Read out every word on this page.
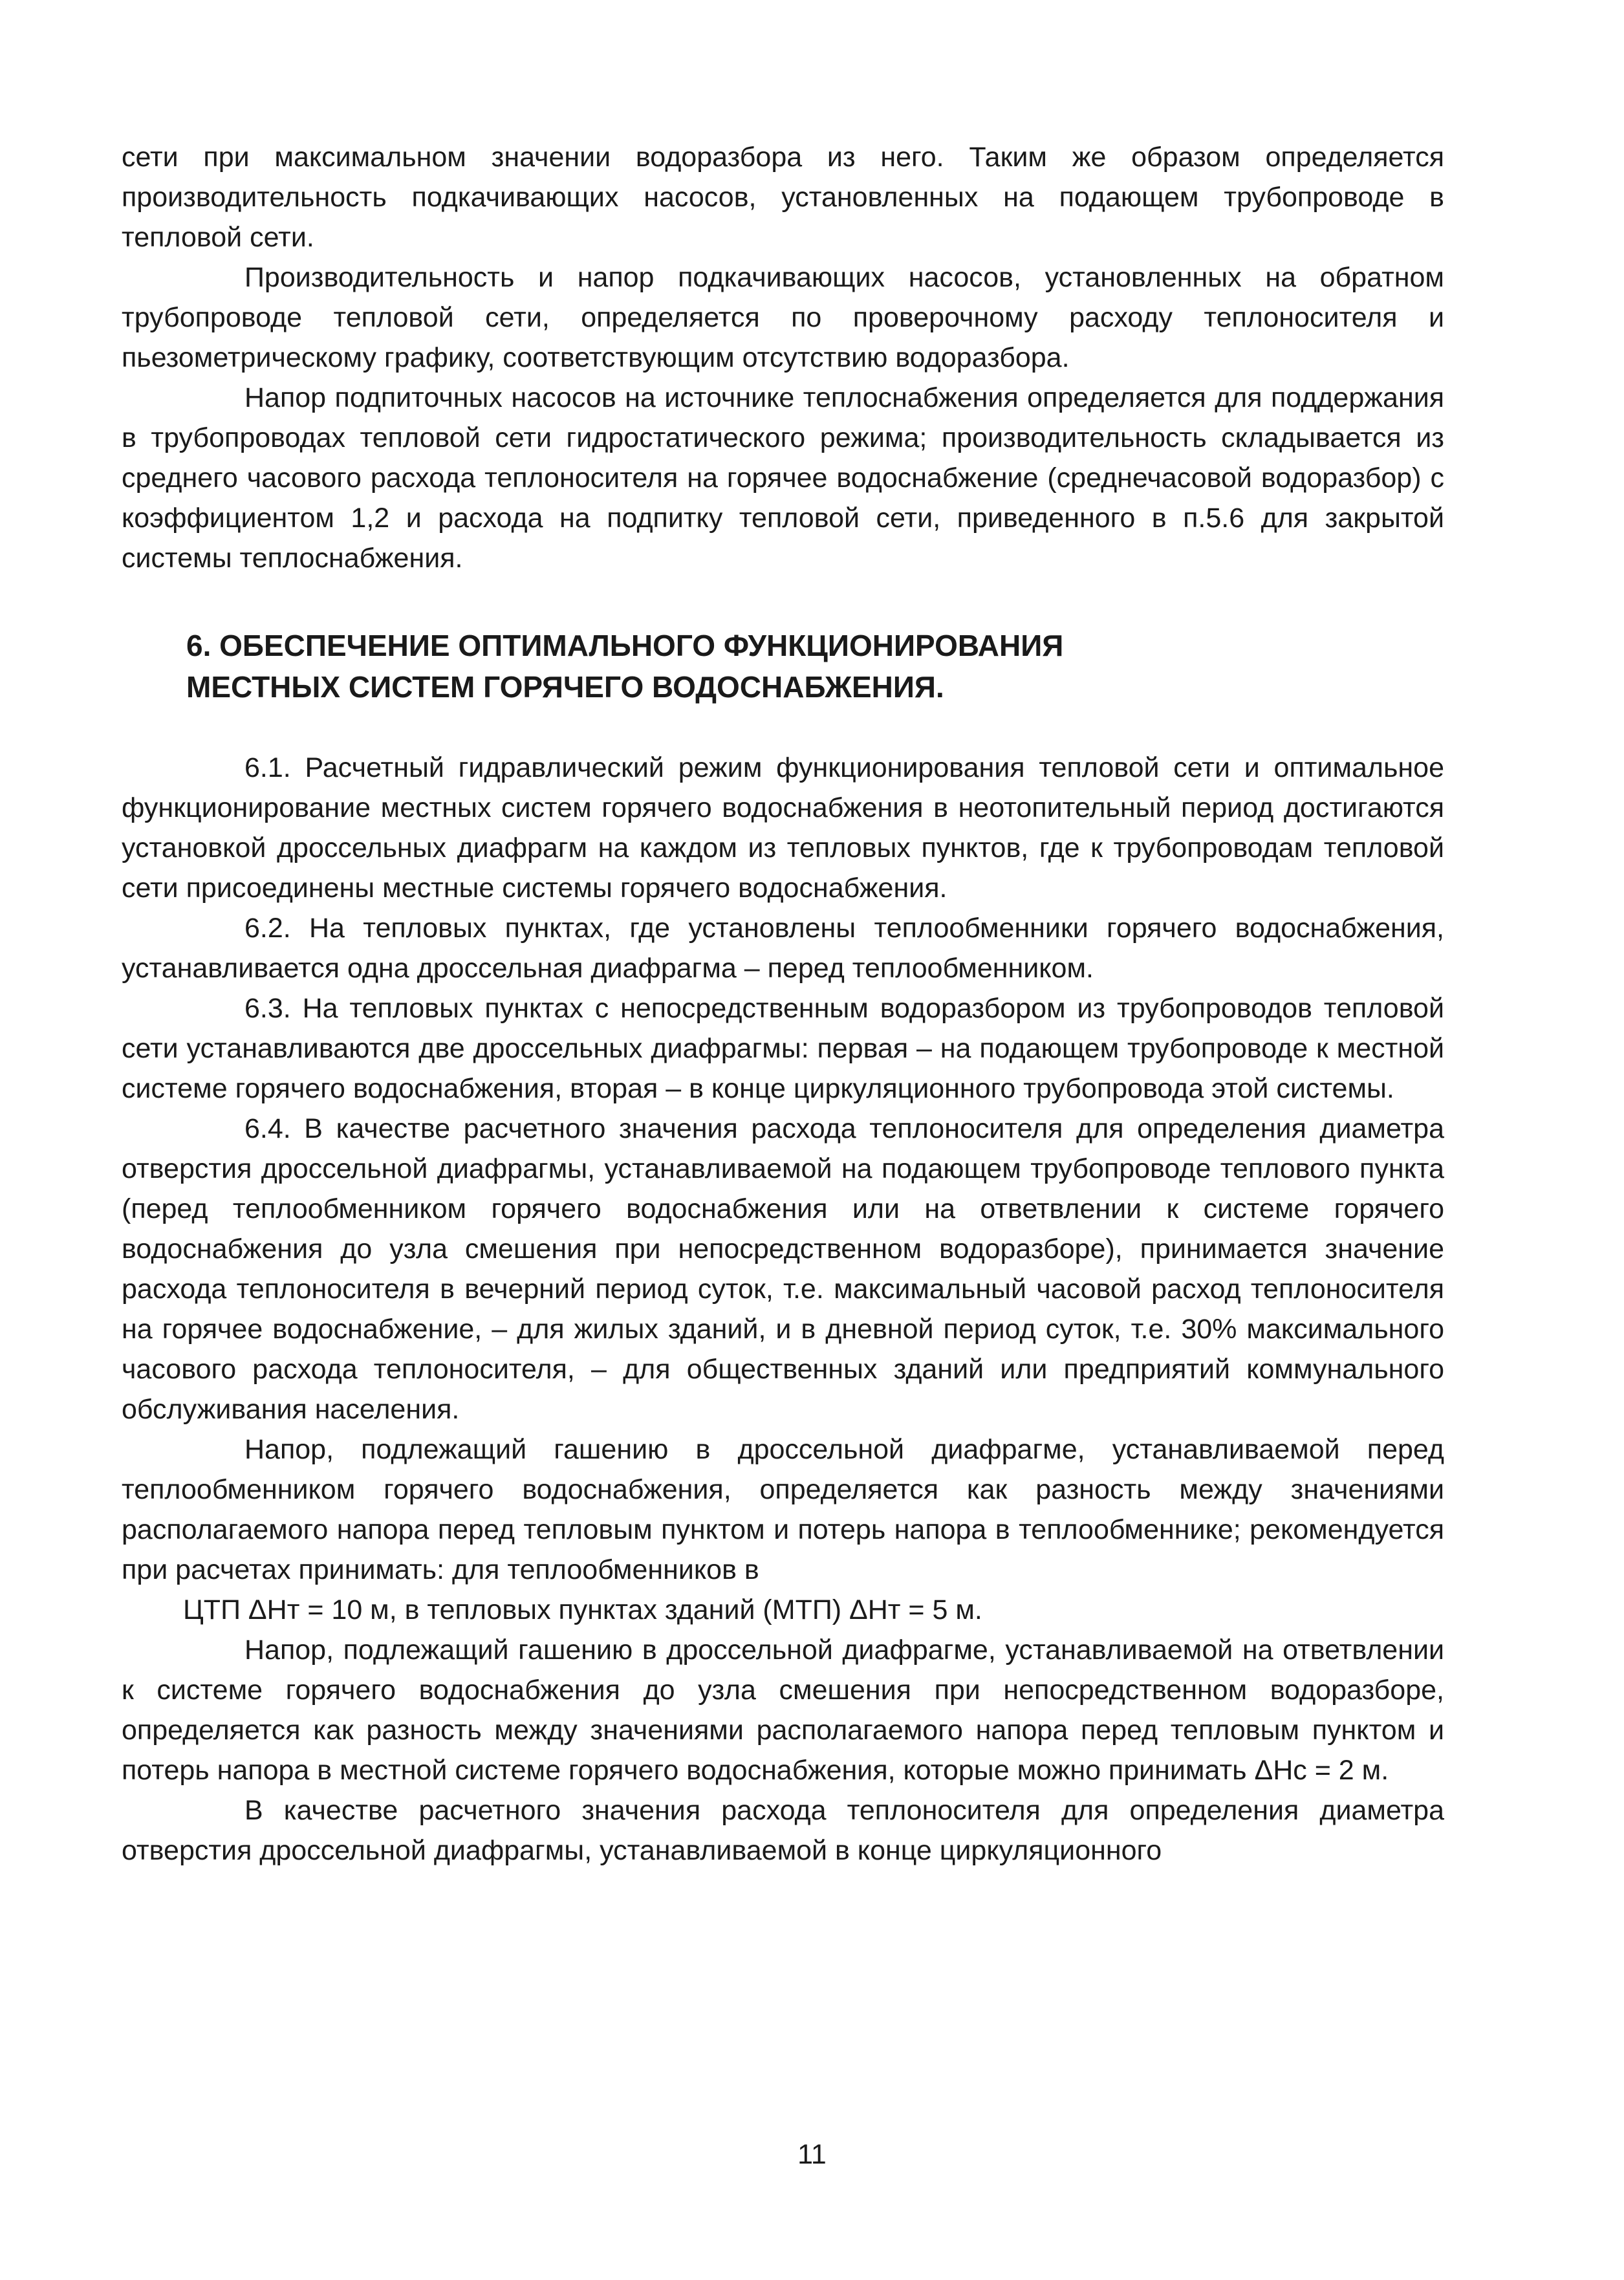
сети при максимальном значении водоразбора из него. Таким же образом определяется производительность подкачивающих насосов, установленных на подающем трубопроводе в тепловой сети.

Производительность и напор подкачивающих насосов, установленных на обратном трубопроводе тепловой сети, определяется по проверочному расходу теплоносителя и пьезометрическому графику, соответствующим отсутствию водоразбора.

Напор подпиточных насосов на источнике теплоснабжения определяется для поддержания в трубопроводах тепловой сети гидростатического режима; производительность складывается из среднего часового расхода теплоносителя на горячее водоснабжение (среднечасовой водоразбор) с коэффициентом 1,2 и расхода на подпитку тепловой сети, приведенного в п.5.6 для закрытой системы теплоснабжения.

6. ОБЕСПЕЧЕНИЕ ОПТИМАЛЬНОГО ФУНКЦИОНИРОВАНИЯ
МЕСТНЫХ СИСТЕМ ГОРЯЧЕГО ВОДОСНАБЖЕНИЯ.

6.1. Расчетный гидравлический режим функционирования тепловой сети и оптимальное функционирование местных систем горячего водоснабжения в неотопительный период достигаются установкой дроссельных диафрагм на каждом из тепловых пунктов, где к трубопроводам тепловой сети присоединены местные системы горячего водоснабжения.

6.2. На тепловых пунктах, где установлены теплообменники горячего водоснабжения, устанавливается одна дроссельная диафрагма – перед теплообменником.

6.3. На тепловых пунктах с непосредственным водоразбором из трубопроводов тепловой сети устанавливаются две дроссельных диафрагмы: первая – на подающем трубопроводе к местной системе горячего водоснабжения, вторая – в конце циркуляционного трубопровода этой системы.

6.4. В качестве расчетного значения расхода теплоносителя для определения диаметра отверстия дроссельной диафрагмы, устанавливаемой на подающем трубопроводе теплового пункта (перед теплообменником горячего водоснабжения или на ответвлении к системе горячего водоснабжения до узла смешения при непосредственном водоразборе), принимается значение расхода теплоносителя в вечерний период суток, т.е. максимальный часовой расход теплоносителя на горячее водоснабжение, – для жилых зданий, и в дневной период суток, т.е. 30% максимального часового расхода теплоносителя, – для общественных зданий или предприятий коммунального обслуживания населения.

Напор, подлежащий гашению в дроссельной диафрагме, устанавливаемой перед теплообменником горячего водоснабжения, определяется как разность между значениями располагаемого напора перед тепловым пунктом и потерь напора в теплообменнике; рекомендуется при расчетах принимать: для теплообменников в

ЦТП ΔHт = 10 м, в тепловых пунктах зданий (МТП) ΔHт = 5 м.

Напор, подлежащий гашению в дроссельной диафрагме, устанавливаемой на ответвлении к системе горячего водоснабжения до узла смешения при непосредственном водоразборе, определяется как разность между значениями располагаемого напора перед тепловым пунктом и потерь напора в местной системе горячего водоснабжения, которые можно принимать ΔHс = 2 м.

В качестве расчетного значения расхода теплоносителя для определения диаметра отверстия дроссельной диафрагмы, устанавливаемой в конце циркуляционного

11
